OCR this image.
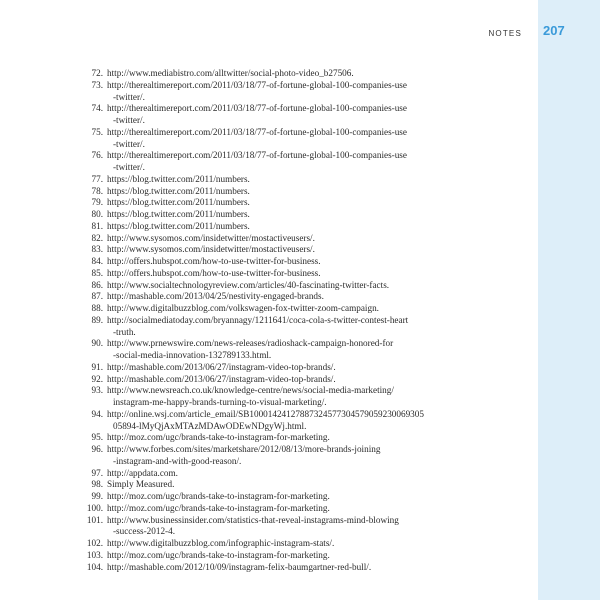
NOTES 207
72. http://www.mediabistro.com/alltwitter/social-photo-video_b27506.
73. http://therealtimereport.com/2011/03/18/77-of-fortune-global-100-companies-use
-twitter/.
74. http://therealtimereport.com/2011/03/18/77-of-fortune-global-100-companies-use
-twitter/.
75. http://therealtimereport.com/2011/03/18/77-of-fortune-global-100-companies-use
-twitter/.
76. http://therealtimereport.com/2011/03/18/77-of-fortune-global-100-companies-use
-twitter/.
77. https://blog.twitter.com/2011/numbers.
78. https://blog.twitter.com/2011/numbers.
79. https://blog.twitter.com/2011/numbers.
80. https://blog.twitter.com/2011/numbers.
81. https://blog.twitter.com/2011/numbers.
82. http://www.sysomos.com/insidetwitter/mostactiveusers/.
83. http://www.sysomos.com/insidetwitter/mostactiveusers/.
84. http://offers.hubspot.com/how-to-use-twitter-for-business.
85. http://offers.hubspot.com/how-to-use-twitter-for-business.
86. http://www.socialtechnologyreview.com/articles/40-fascinating-twitter-facts.
87. http://mashable.com/2013/04/25/nestivity-engaged-brands.
88. http://www.digitalbuzzblog.com/volkswagen-fox-twitter-zoom-campaign.
89. http://socialmediatoday.com/bryannagy/1211641/coca-cola-s-twitter-contest-heart
-truth.
90. http://www.prnewswire.com/news-releases/radioshack-campaign-honored-for
-social-media-innovation-132789133.html.
91. http://mashable.com/2013/06/27/instagram-video-top-brands/.
92. http://mashable.com/2013/06/27/instagram-video-top-brands/.
93. http://www.newsreach.co.uk/knowledge-centre/news/social-media-marketing/
instagram-me-happy-brands-turning-to-visual-marketing/.
94. http://online.wsj.com/article_email/SB10001424127887324577304579059230069305
05894-lMyQjAxMTAzMDAwODEwNDgyWj.html.
95. http://moz.com/ugc/brands-take-to-instagram-for-marketing.
96. http://www.forbes.com/sites/marketshare/2012/08/13/more-brands-joining
-instagram-and-with-good-reason/.
97. http://appdata.com.
98. Simply Measured.
99. http://moz.com/ugc/brands-take-to-instagram-for-marketing.
100. http://moz.com/ugc/brands-take-to-instagram-for-marketing.
101. http://www.businessinsider.com/statistics-that-reveal-instagrams-mind-blowing
-success-2012-4.
102. http://www.digitalbuzzblog.com/infographic-instagram-stats/.
103. http://moz.com/ugc/brands-take-to-instagram-for-marketing.
104. http://mashable.com/2012/10/09/instagram-felix-baumgartner-red-bull/.
